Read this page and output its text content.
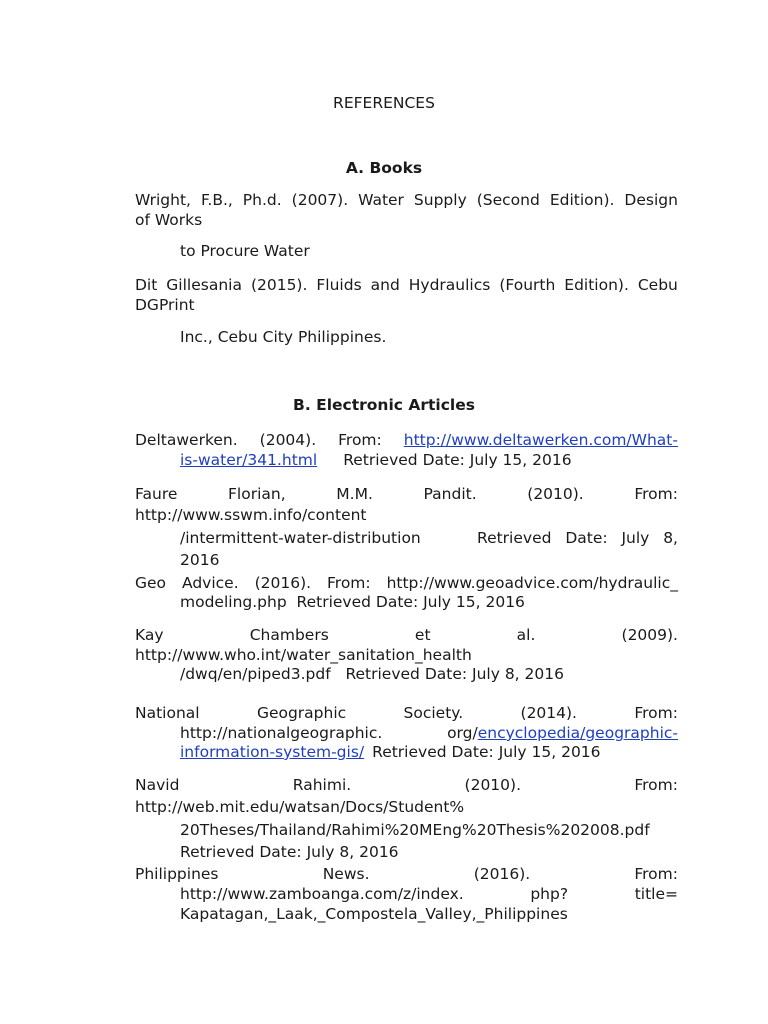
REFERENCES
A. Books
Wright, F.B., Ph.d. (2007). Water Supply (Second Edition). Design
of Works
to Procure Water
Dit Gillesania (2015). Fluids and Hydraulics (Fourth Edition). Cebu
DGPrint
Inc., Cebu City Philippines.
B. Electronic Articles
Deltawerken. (2004). From: http://www.deltawerken.com/What-
is-water/341.html Retrieved Date: July 15, 2016
Faure	Florian,	M.M.	Pandit.	(2010).	From:
http://www.sswm.info/content
/intermittent-water-distribution	Retrieved Date: July 8,
2016
Geo Advice. (2016). From: http://www.geoadvice.com/hydraulic_
modeling.php  Retrieved Date: July 15, 2016
Kay	Chambers	et	al.	(2009).
http://www.who.int/water_sanitation_health
/dwq/en/piped3.pdf   Retrieved Date: July 8, 2016
National	Geographic	Society.	(2014).	From:
http://nationalgeographic.	org/encyclopedia/geographic-
information-system-gis/ Retrieved Date: July 15, 2016
Navid	Rahimi.	(2010).	From:
http://web.mit.edu/watsan/Docs/Student%
20Theses/Thailand/Rahimi%20MEng%20Thesis%202008.pdf
Retrieved Date: July 8, 2016
Philippines	News.	(2016).	From:
http://www.zamboanga.com/z/index.	php?	title=
Kapatagan,_Laak,_Compostela_Valley,_Philippines
